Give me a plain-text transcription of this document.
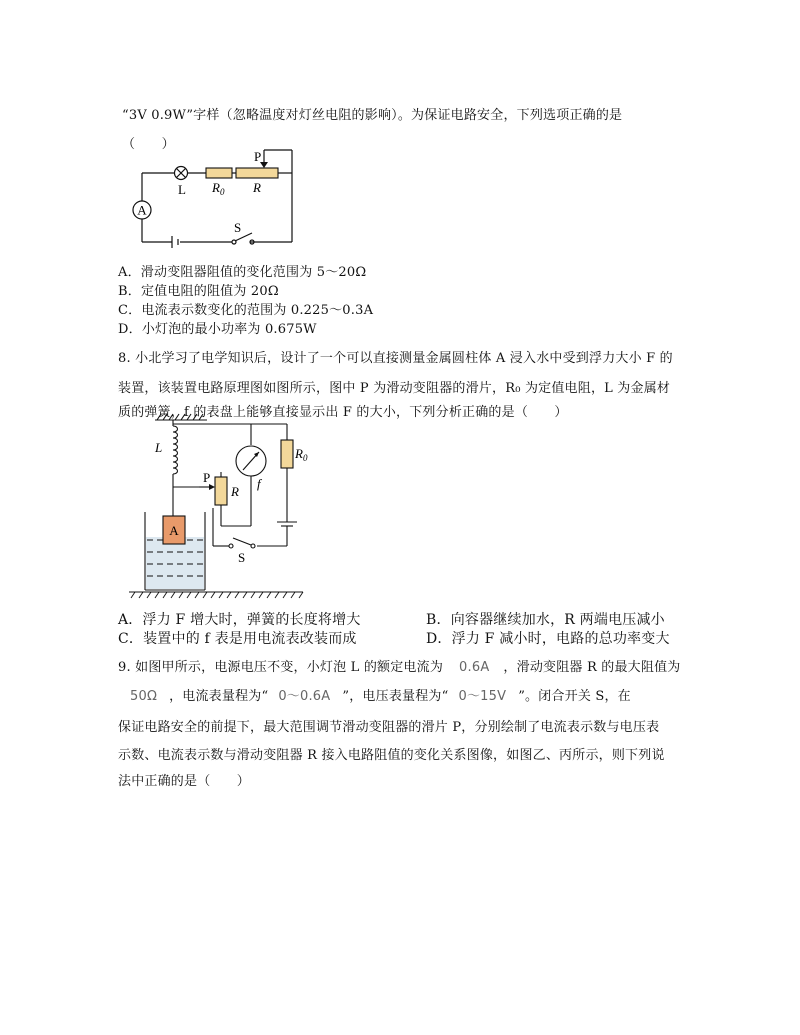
“3V 0.9W”字样（忽略温度对灯丝电阻的影响）。为保证电路安全，下列选项正确的是
（　　）
A
L $R_0$ R
P
S
A．滑动变阻器阻值的变化范围为 5～20Ω
B．定值电阻的阻值为 20Ω
C．电流表示数变化的范围为 0.225～0.3A
D．小灯泡的最小功率为 0.675W
8. 小北学习了电学知识后，设计了一个可以直接测量金属圆柱体 A 浸入水中受到浮力大小 F 的
装置，该装置电路原理图如图所示，图中 P 为滑动变阻器的滑片，R₀ 为定值电阻，L 为金属材
质的弹簧，f 的表盘上能够直接显示出 F 的大小，下列分析正确的是（　　）
A
L
P
R
f
$R_0$
S
A．浮力 F 增大时，弹簧的长度将增大	B．向容器继续加水，R 两端电压减小
C．装置中的 f 表是用电流表改装而成	D．浮力 F 减小时，电路的总功率变大
9. 如图甲所示，电源电压不变，小灯泡 L 的额定电流为 0.6A ，滑动变阻器 R 的最大阻值为
50Ω ，电流表量程为“ 0～0.6A ”，电压表量程为“ 0～15V ”。闭合开关 S，在
保证电路安全的前提下，最大范围调节滑动变阻器的滑片 P，分别绘制了电流表示数与电压表
示数、电流表示数与滑动变阻器 R 接入电路阻值的变化关系图像，如图乙、丙所示，则下列说
法中正确的是（　　）
